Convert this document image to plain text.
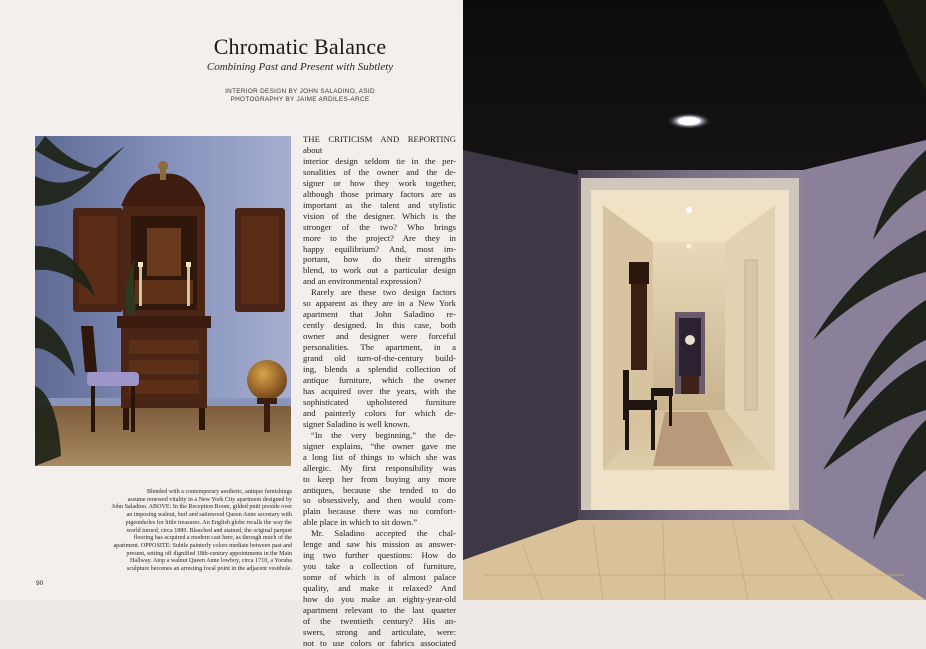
Chromatic Balance
Combining Past and Present with Subtlety
INTERIOR DESIGN BY JOHN SALADINO, ASID
PHOTOGRAPHY BY JAIME ARDILES-ARCE
Blended with a contemporary aesthetic, antique furnishings
assume renewed vitality in a New York City apartment designed by
John Saladino. ABOVE: In the Reception Room, gilded putti preside over
an imposing walnut, burl and satinwood Queen Anne secretary with
pigeonholes for little treasures. An English globe recalls the way the
world turned, circa 1880. Bleached and stained, the original parquet
flooring has acquired a modern cast here, as through much of the
apartment. OPPOSITE: Subtle painterly colors mediate between past and
present, setting off dignified 18th-century appointments in the Main
Hallway. Atop a walnut Queen Anne lowboy, circa 1710, a Yoruba
sculpture becomes an arresting focal point in the adjacent vestibule.
THE CRITICISM AND REPORTING about
interior design seldom tie in the per-
sonalities of the owner and the de-
signer or how they work together,
although those primary factors are as
important as the talent and stylistic
vision of the designer. Which is the
stronger of the two? Who brings
more to the project? Are they in
happy equilibrium? And, most im-
portant, how do their strengths
blend, to work out a particular design
and an environmental expression?
Rarely are these two design factors
so apparent as they are in a New York
apartment that John Saladino re-
cently designed. In this case, both
owner and designer were forceful
personalities. The apartment, in a
grand old turn-of-the-century build-
ing, blends a splendid collection of
antique furniture, which the owner
has acquired over the years, with the
sophisticated upholstered furniture
and painterly colors for which de-
signer Saladino is well known.
“In the very beginning,” the de-
signer explains, “the owner gave me
a long list of things to which she was
allergic. My first responsibility was
to keep her from buying any more
antiques, because she tended to do
so obsessively, and then would com-
plain because there was no comfort-
able place in which to sit down.”
Mr. Saladino accepted the chal-
lenge and saw his mission as answer-
ing two further questions: How do
you take a collection of furniture,
some of which is of almost palace
quality, and make it relaxed? And
how do you make an eighty-year-old
apartment relevant to the last quarter
of the twentieth century? His an-
swers, strong and articulate, were:
not to use colors or fabrics associated
90
